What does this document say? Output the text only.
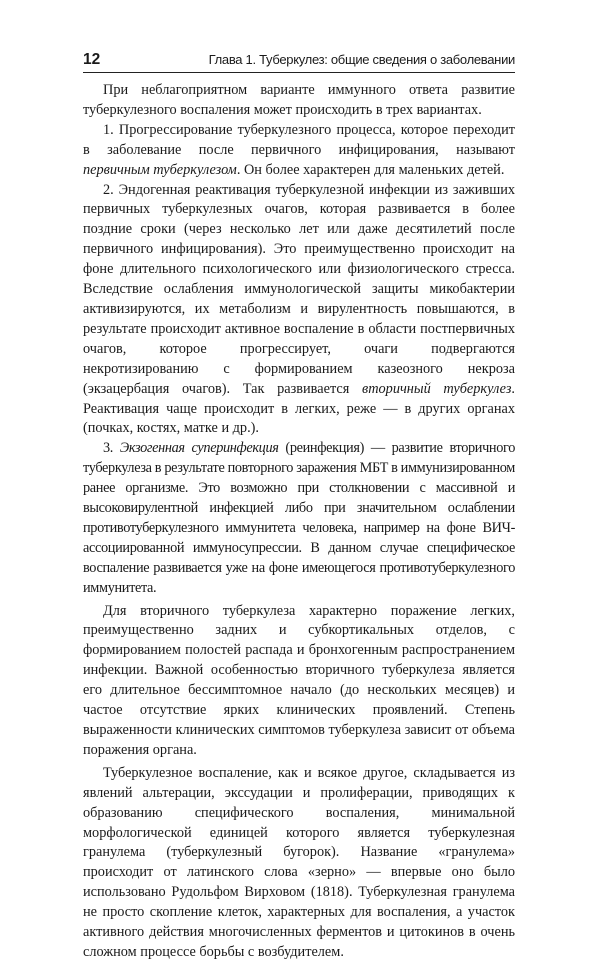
12	Глава 1. Туберкулез: общие сведения о заболевании

При неблагоприятном варианте иммунного ответа развитие туберкулезного воспаления может происходить в трех вариантах.

1. Прогрессирование туберкулезного процесса, которое переходит в заболевание после первичного инфицирования, называют первичным туберкулезом. Он более характерен для маленьких детей.

2. Эндогенная реактивация туберкулезной инфекции из заживших первичных туберкулезных очагов, которая развивается в более поздние сроки (через несколько лет или даже десятилетий после первичного инфицирования). Это преимущественно происходит на фоне длительного психологического или физиологического стресса. Вследствие ослабления иммунологической защиты микобактерии активизируются, их метаболизм и вирулентность повышаются, в результате происходит активное воспаление в области постпервичных очагов, которое прогрессирует, очаги подвергаются некротизированию с формированием казеозного некроза (экзацербация очагов). Так развивается вторичный туберкулез. Реактивация чаще происходит в легких, реже — в других органах (почках, костях, матке и др.).

3. Экзогенная суперинфекция (реинфекция) — развитие вторичного туберкулеза в результате повторного заражения МБТ в иммунизированном ранее организме. Это возможно при столкновении с массивной и высоковирулентной инфекцией либо при значительном ослаблении противотуберкулезного иммунитета человека, например на фоне ВИЧ-ассоциированной иммуносупрессии. В данном случае специфическое воспаление развивается уже на фоне имеющегося противотуберкулезного иммунитета.

Для вторичного туберкулеза характерно поражение легких, преимущественно задних и субкортикальных отделов, с формированием полостей распада и бронхогенным распространением инфекции. Важной особенностью вторичного туберкулеза является его длительное бессимптомное начало (до нескольких месяцев) и частое отсутствие ярких клинических проявлений. Степень выраженности клинических симптомов туберкулеза зависит от объема поражения органа.

Туберкулезное воспаление, как и всякое другое, складывается из явлений альтерации, экссудации и пролиферации, приводящих к образованию специфического воспаления, минимальной морфологической единицей которого является туберкулезная гранулема (туберкулезный бугорок). Название «гранулема» происходит от латинского слова «зерно» — впервые оно было использовано Рудольфом Вирховом (1818). Туберкулезная гранулема не просто скопление клеток, характерных для воспаления, а участок активного действия многочисленных ферментов и цитокинов в очень сложном процессе борьбы с возбудителем.
